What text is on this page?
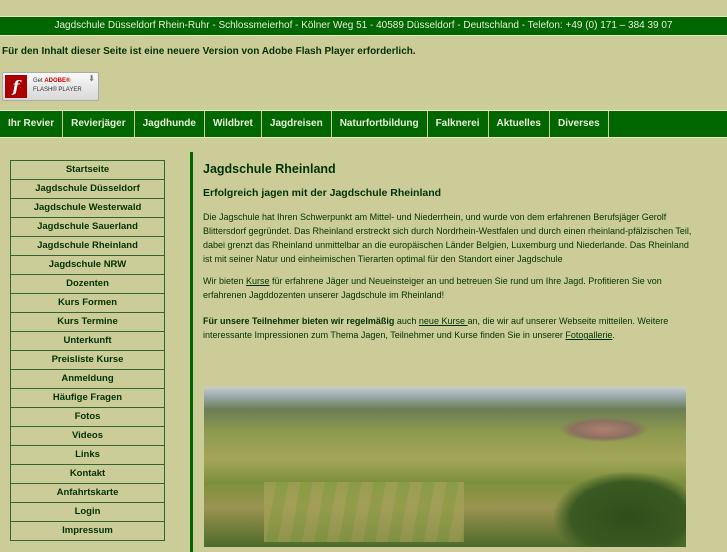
Jagdschule Düsseldorf Rhein-Ruhr - Schlossmeierhof - Kölner Weg 51 - 40589 Düsseldorf - Deutschland - Telefon: +49 (0) 171 – 384 39 07
Für den Inhalt dieser Seite ist eine neuere Version von Adobe Flash Player erforderlich.
f	Get ADOBE®
FLASH® PLAYER
⬇
Ihr Revier	Revierjäger	Jagdhunde	Wildbret	Jagdreisen	Naturfortbildung	Falknerei	Aktuelles	Diverses
Startseite
Jagdschule Düsseldorf
Jagdschule Westerwald
Jagdschule Sauerland
Jagdschule Rheinland
Jagdschule NRW
Dozenten
Kurs Formen
Kurs Termine
Unterkunft
Preisliste Kurse
Anmeldung
Häufige Fragen
Fotos
Videos
Links
Kontakt
Anfahrtskarte
Login
Impressum
Jagdschule Rheinland
Erfolgreich jagen mit der Jagdschule Rheinland

Die Jagschule hat Ihren Schwerpunkt am Mittel- und Niederrhein, und wurde von dem erfahrenen Berufsjäger Gerolf Blittersdorf gegründet. Das Rheinland erstreckt sich durch Nordrhein-Westfalen und durch einen rheinland-pfälzischen Teil, dabei grenzt das Rheinland unmittelbar an die europäischen Länder Belgien, Luxemburg und Niederlande. Das Rheinland ist mit seiner Natur und einheimischen Tierarten optimal für den Standort einer Jagdschule

Wir bieten Kurse für erfahrene Jäger und Neueinsteiger an und betreuen Sie rund um Ihre Jagd. Profitieren Sie von erfahrenen Jagddozenten unserer Jagdschule im Rheinland!

Für unsere Teilnehmer bieten wir regelmäßig auch neue Kurse an, die wir auf unserer Webseite mitteilen. Weitere interessante Impressionen zum Thema Jagen, Teilnehmer und Kurse finden Sie in unserer Fotogallerie.
